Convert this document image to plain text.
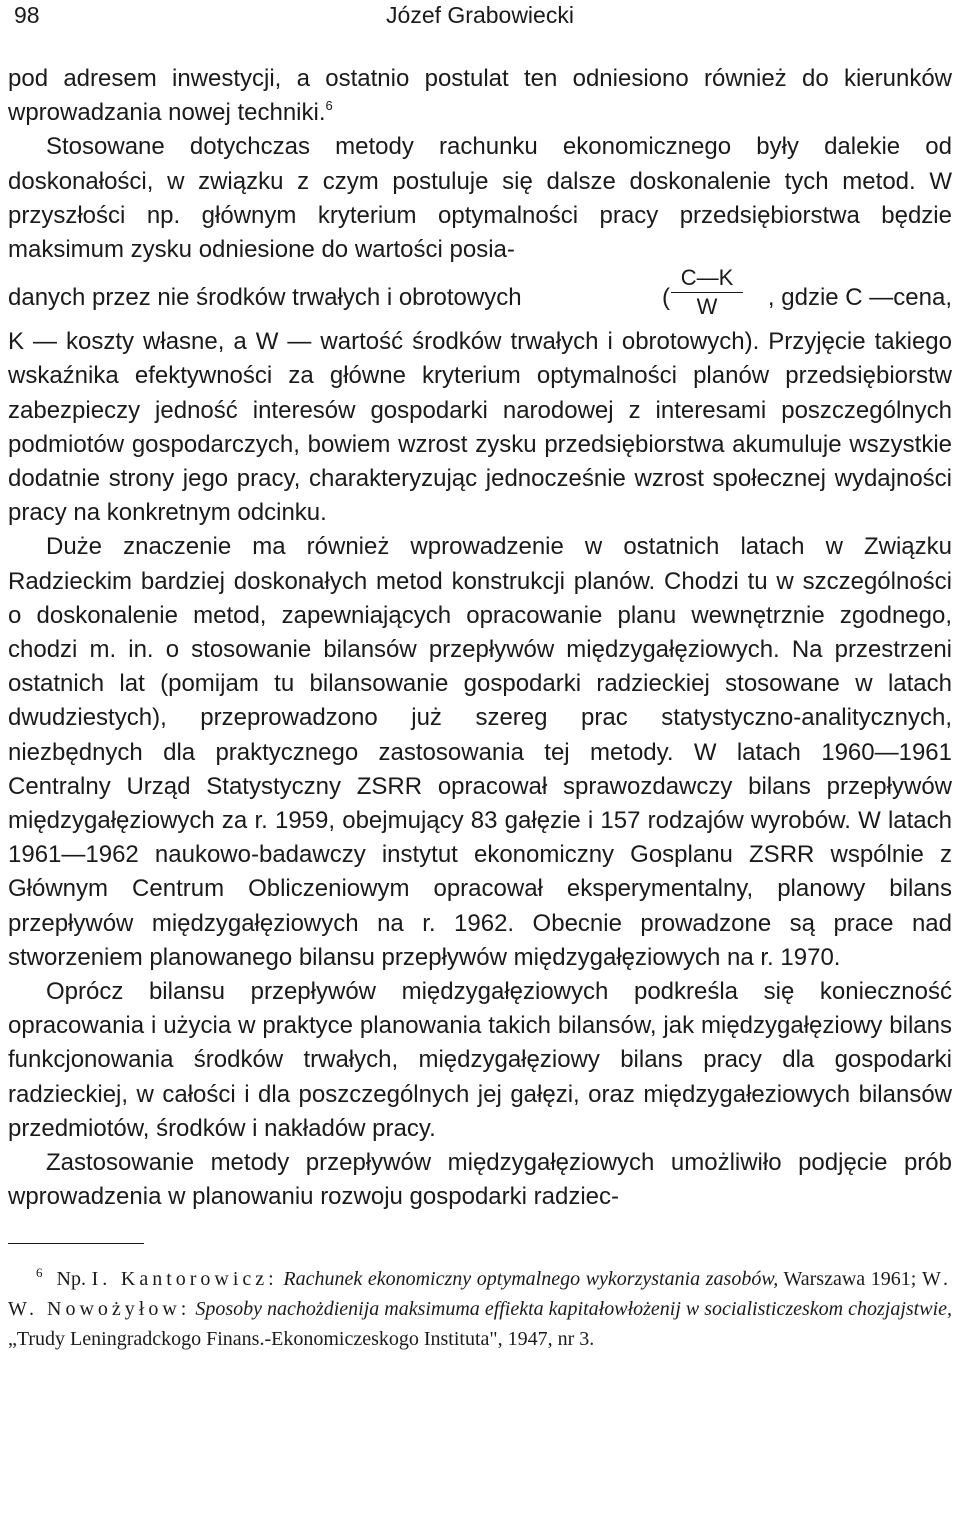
98	Józef Grabowiecki

pod adresem inwestycji, a ostatnio postulat ten odniesiono również do kierunków wprowadzania nowej techniki.$^6$

Stosowane dotychczas metody rachunku ekonomicznego były dalekie od doskonałości, w związku z czym postuluje się dalsze doskonalenie tych metod. W przyszłości np. głównym kryterium optymalności pracy przedsiębiorstwa będzie maksimum zysku odniesione do wartości posia-

danych przez nie środków trwałych i obrotowych	(
C—K
W	, gdzie C —cena,

K — koszty własne, a W — wartość środków trwałych i obrotowych). Przyjęcie takiego wskaźnika efektywności za główne kryterium optymalności planów przedsiębiorstw zabezpieczy jedność interesów gospodarki narodowej z interesami poszczególnych podmiotów gospodarczych, bowiem wzrost zysku przedsiębiorstwa akumuluje wszystkie dodatnie strony jego pracy, charakteryzując jednocześnie wzrost społecznej wydajności pracy na konkretnym odcinku.

Duże znaczenie ma również wprowadzenie w ostatnich latach w Związku Radzieckim bardziej doskonałych metod konstrukcji planów. Chodzi tu w szczególności o doskonalenie metod, zapewniających opracowanie planu wewnętrznie zgodnego, chodzi m. in. o stosowanie bilansów przepływów międzygałęziowych. Na przestrzeni ostatnich lat (pomijam tu bilansowanie gospodarki radzieckiej stosowane w latach dwudziestych), przeprowadzono już szereg prac statystyczno-analitycznych, niezbędnych dla praktycznego zastosowania tej metody. W latach 1960—1961 Centralny Urząd Statystyczny ZSRR opracował sprawozdawczy bilans przepływów międzygałęziowych za r. 1959, obejmujący 83 gałęzie i 157 rodzajów wyrobów. W latach 1961—1962 naukowo-badawczy instytut ekonomiczny Gosplanu ZSRR wspólnie z Głównym Centrum Obliczeniowym opracował eksperymentalny, planowy bilans przepływów międzygałęziowych na r. 1962. Obecnie prowadzone są prace nad stworzeniem planowanego bilansu przepływów międzygałęziowych na r. 1970.

Oprócz bilansu przepływów międzygałęziowych podkreśla się konieczność opracowania i użycia w praktyce planowania takich bilansów, jak międzygałęziowy bilans funkcjonowania środków trwałych, międzygałęziowy bilans pracy dla gospodarki radzieckiej, w całości i dla poszczególnych jej gałęzi, oraz międzygałeziowych bilansów przedmiotów, środków i nakładów pracy.

Zastosowanie metody przepływów międzygałęziowych umożliwiło podjęcie prób wprowadzenia w planowaniu rozwoju gospodarki radziec-

$^6$ Np. I. Kantorowicz: Rachunek ekonomiczny optymalnego wykorzystania zasobów, Warszawa 1961; W. W. Nowożyłow: Sposoby nachożdienija maksimuma effiekta kapitałowłożenij w socialisticzeskom chozjajstwie, „Trudy Leningradckogo Finans.-Ekonomiczeskogo Instituta", 1947, nr 3.
